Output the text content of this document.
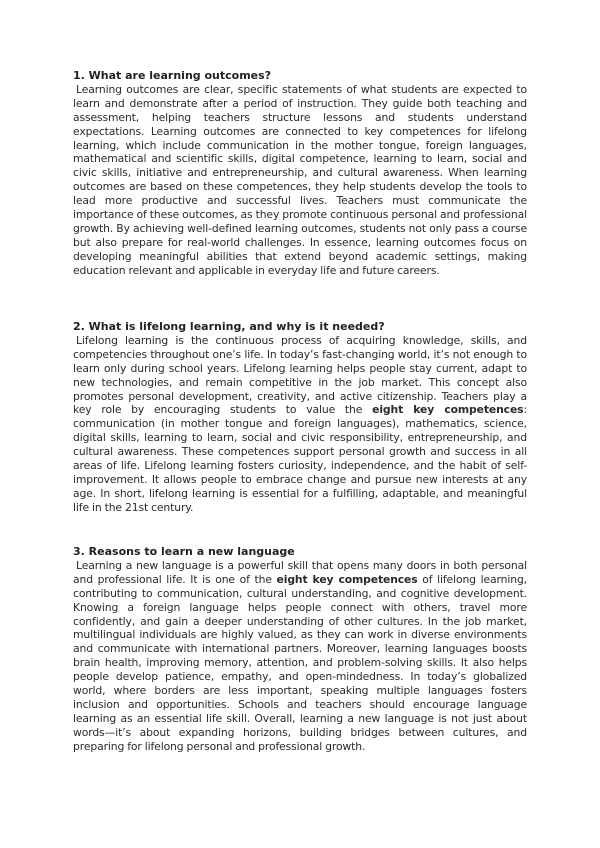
1. What are learning outcomes?

Learning outcomes are clear, specific statements of what students are expected to learn and demonstrate after a period of instruction. They guide both teaching and assessment, helping teachers structure lessons and students understand expectations. Learning outcomes are connected to key competences for lifelong learning, which include communication in the mother tongue, foreign languages, mathematical and scientific skills, digital competence, learning to learn, social and civic skills, initiative and entrepreneurship, and cultural awareness. When learning outcomes are based on these competences, they help students develop the tools to lead more productive and successful lives. Teachers must communicate the importance of these outcomes, as they promote continuous personal and professional growth. By achieving well-defined learning outcomes, students not only pass a course but also prepare for real-world challenges. In essence, learning outcomes focus on developing meaningful abilities that extend beyond academic settings, making education relevant and applicable in everyday life and future careers.

2. What is lifelong learning, and why is it needed?

Lifelong learning is the continuous process of acquiring knowledge, skills, and competencies throughout one’s life. In today’s fast-changing world, it’s not enough to learn only during school years. Lifelong learning helps people stay current, adapt to new technologies, and remain competitive in the job market. This concept also promotes personal development, creativity, and active citizenship. Teachers play a key role by encouraging students to value the eight key competences: communication (in mother tongue and foreign languages), mathematics, science, digital skills, learning to learn, social and civic responsibility, entrepreneurship, and cultural awareness. These competences support personal growth and success in all areas of life. Lifelong learning fosters curiosity, independence, and the habit of self-improvement. It allows people to embrace change and pursue new interests at any age. In short, lifelong learning is essential for a fulfilling, adaptable, and meaningful life in the 21st century.

3. Reasons to learn a new language

Learning a new language is a powerful skill that opens many doors in both personal and professional life. It is one of the eight key competences of lifelong learning, contributing to communication, cultural understanding, and cognitive development. Knowing a foreign language helps people connect with others, travel more confidently, and gain a deeper understanding of other cultures. In the job market, multilingual individuals are highly valued, as they can work in diverse environments and communicate with international partners. Moreover, learning languages boosts brain health, improving memory, attention, and problem-solving skills. It also helps people develop patience, empathy, and open-mindedness. In today’s globalized world, where borders are less important, speaking multiple languages fosters inclusion and opportunities. Schools and teachers should encourage language learning as an essential life skill. Overall, learning a new language is not just about words—it’s about expanding horizons, building bridges between cultures, and preparing for lifelong personal and professional growth.
